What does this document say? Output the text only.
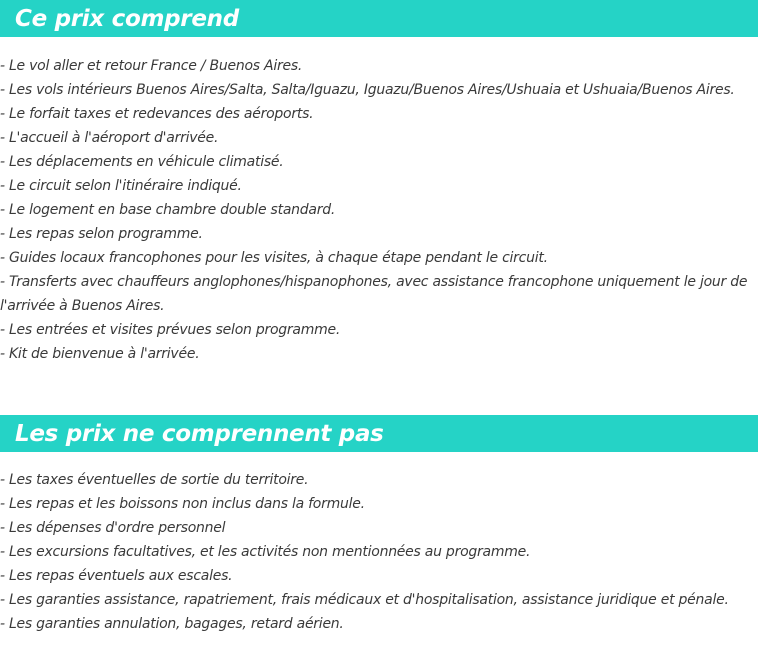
Ce prix comprend
- Le vol aller et retour France / Buenos Aires.
- Les vols intérieurs Buenos Aires/Salta, Salta/Iguazu, Iguazu/Buenos Aires/Ushuaia et Ushuaia/Buenos Aires.
- Le forfait taxes et redevances des aéroports.
- L'accueil à l'aéroport d'arrivée.
- Les déplacements en véhicule climatisé.
- Le circuit selon l'itinéraire indiqué.
- Le logement en base chambre double standard.
- Les repas selon programme.
- Guides locaux francophones pour les visites, à chaque étape pendant le circuit.
- Transferts avec chauffeurs anglophones/hispanophones, avec assistance francophone uniquement le jour de l'arrivée à Buenos Aires.
- Les entrées et visites prévues selon programme.
- Kit de bienvenue à l'arrivée.
Les prix ne comprennent pas
- Les taxes éventuelles de sortie du territoire.
- Les repas et les boissons non inclus dans la formule.
- Les dépenses d'ordre personnel
- Les excursions facultatives, et les activités non mentionnées au programme.
- Les repas éventuels aux escales.
- Les garanties assistance, rapatriement, frais médicaux et d'hospitalisation, assistance juridique et pénale.
- Les garanties annulation, bagages, retard aérien.
